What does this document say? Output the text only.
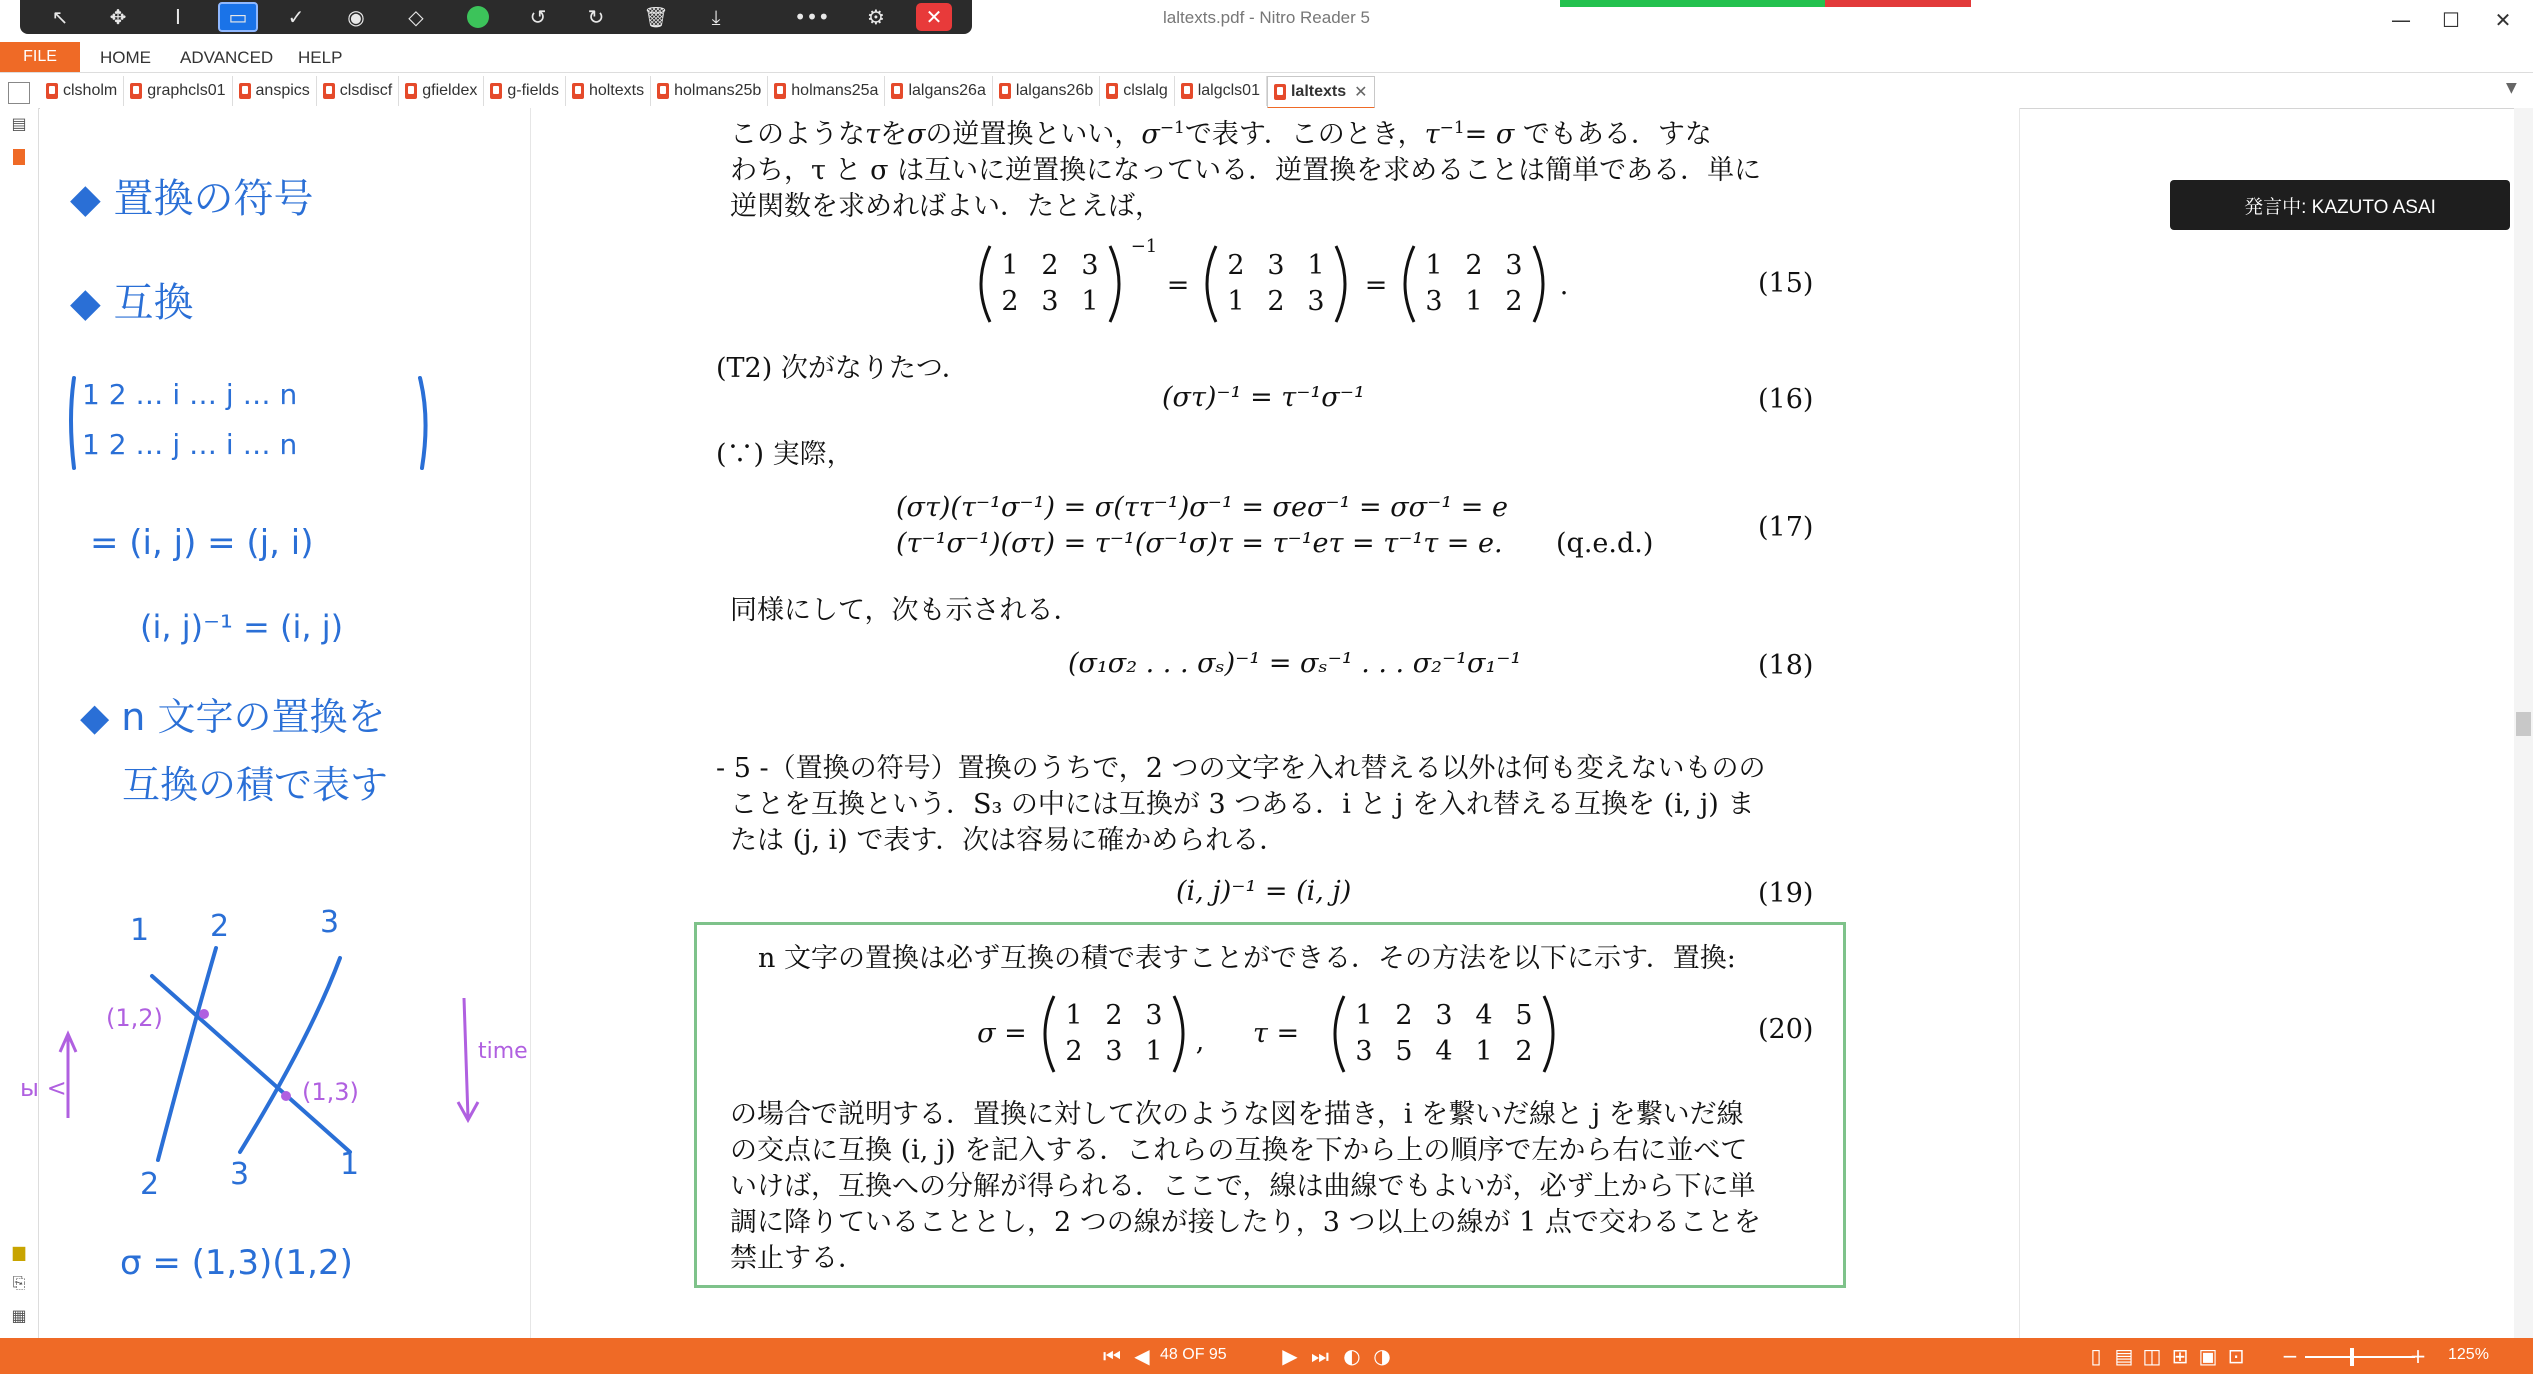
laltexts.pdf - Nitro Reader 5	—	☐	✕
↖	✥	I	▭	✓	◉	◇	↺	↻	🗑	⤓	•••	⚙	✕
FILE	HOME ADVANCED HELP
clsholm graphcls01 anspics clsdiscf gfieldex g-fields holtexts holmans25b holmans25a lalgans26a lalgans26b clslalg lalgcls01 laltexts ✕	▼
▤
▆
⎘
▦
◆ 置換の符号
◆ 互換
1 2 … i … j … n
1 2 … j … i … n
= (i, j) = (j, i)
(i, j)⁻¹ = (i, j)
◆ n 文字の置換を
互換の積で表す
σ = (1,3)(1,2)
1 2	3
2 3	1
(1,2)
(1,3)
time
ы <
このようなτをσの逆置換といい，$\sigma^{-1}$で表す．このとき，$\tau^{-1}= \sigma$ でもある．すな
わち，τ と σ は互いに逆置換になっている．逆置換を求めることは簡単である．単に
逆関数を求めればよい．たとえば，
1 2 3
2 3 1
−1
=
2 3 1
1 2 3
=
1 2 3
3 1 2
.	(15)
(T2) 次がなりたつ．
(στ)⁻¹ = τ⁻¹σ⁻¹	(16)
(∵) 実際，
(στ)(τ⁻¹σ⁻¹) = σ(ττ⁻¹)σ⁻¹ = σeσ⁻¹ = σσ⁻¹ = e
(τ⁻¹σ⁻¹)(στ) = τ⁻¹(σ⁻¹σ)τ = τ⁻¹eτ = τ⁻¹τ = e. (q.e.d.)
(17)
同様にして，次も示される．
(σ₁σ₂ . . . σₛ)⁻¹ = σₛ⁻¹ . . . σ₂⁻¹σ₁⁻¹	(18)
- 5 -（置換の符号）置換のうちで，2 つの文字を入れ替える以外は何も変えないものの
ことを互換という．S₃ の中には互換が 3 つある．i と j を入れ替える互換を (i, j) ま
たは (j, i) で表す．次は容易に確かめられる．
(i, j)⁻¹ = (i, j)	(19)
n 文字の置換は必ず互換の積で表すことができる．その方法を以下に示す．置換:
σ =
1 2 3
2 3 1 , τ =
1 2 3 4 5
3 5 4 1 2
(20)
の場合で説明する．置換に対して次のような図を描き，i を繋いだ線と j を繋いだ線
の交点に互換 (i, j) を記入する．これらの互換を下から上の順序で左から右に並べて
いけば，互換への分解が得られる．ここで，線は曲線でもよいが，必ず上から下に単
調に降りていることとし，2 つの線が接したり，3 つ以上の線が 1 点で交わることを
禁止する．
発言中: KAZUTO ASAI
⏮ ◀ 48 OF 95	▶ ⏭ ◐ ◑	▯ ▤ ◫ ⊞ ▣ ⊡ −	+ 125%
